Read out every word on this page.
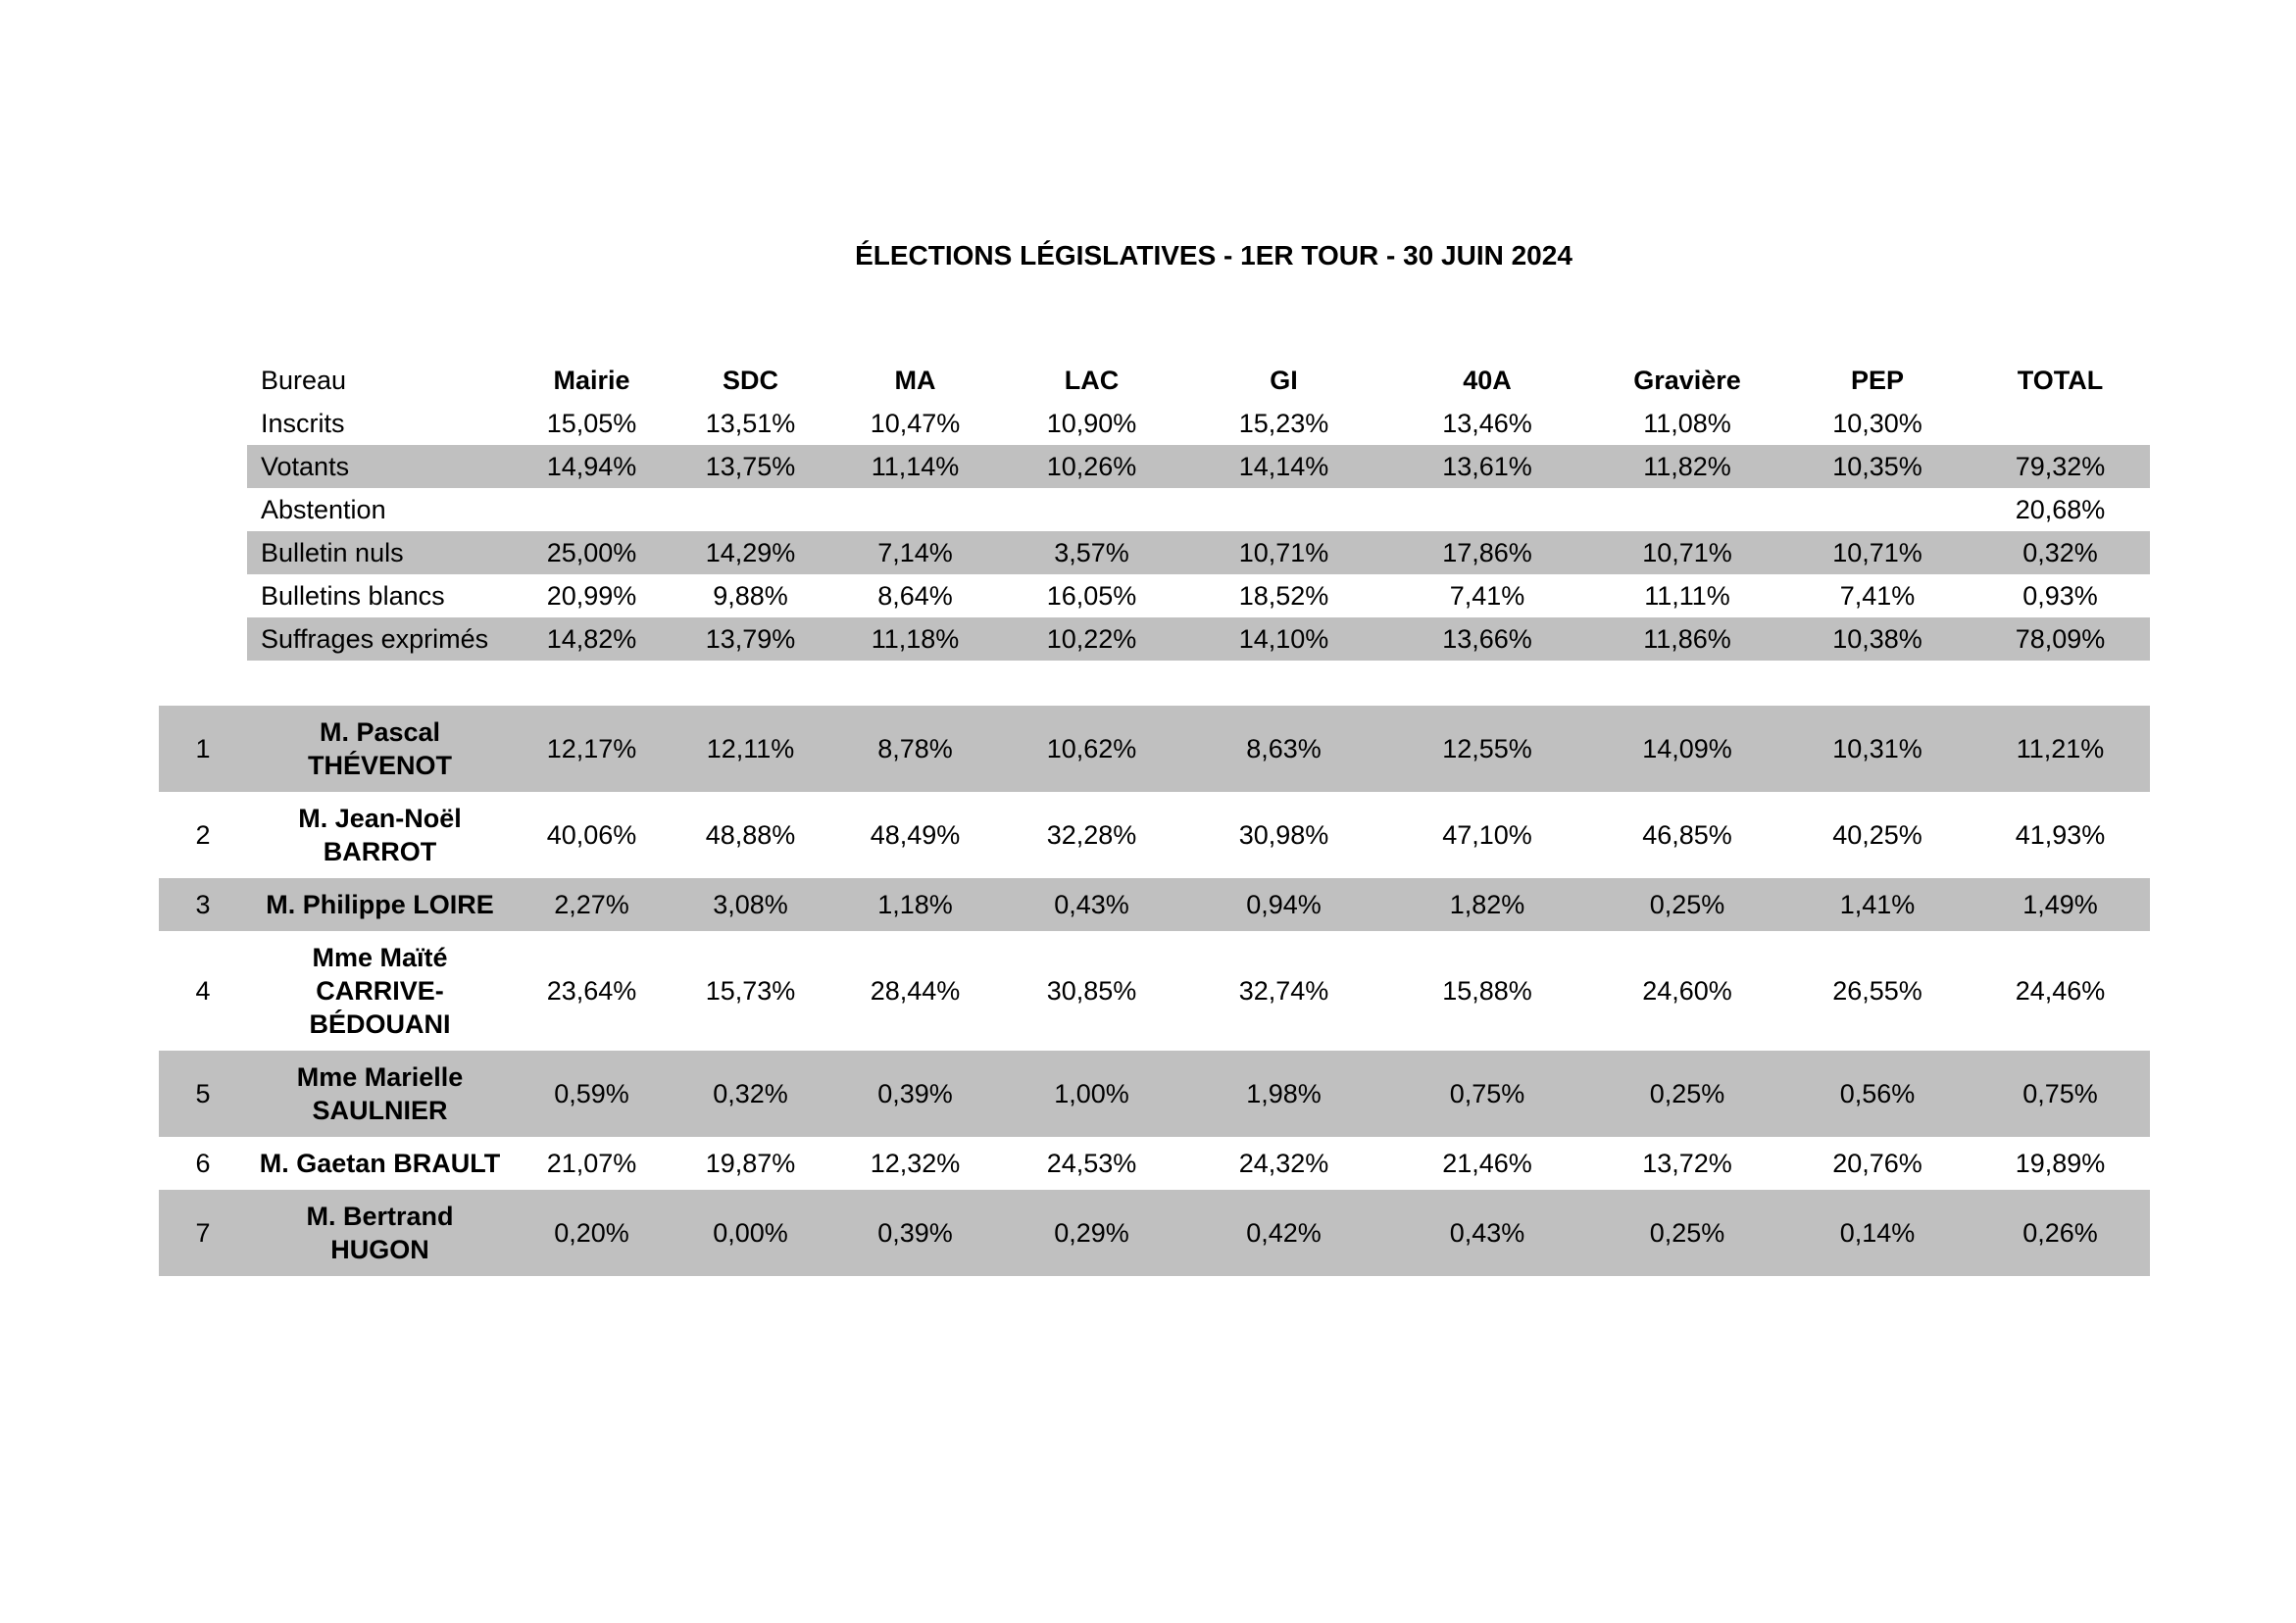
ÉLECTIONS LÉGISLATIVES - 1ER TOUR - 30 JUIN 2024
	Bureau	Mairie	SDC	MA	LAC	GI	40A	Gravière	PEP	TOTAL
	Inscrits	15,05%	13,51%	10,47%	10,90%	15,23%	13,46%	11,08%	10,30%	
	Votants	14,94%	13,75%	11,14%	10,26%	14,14%	13,61%	11,82%	10,35%	79,32%
	Abstention									20,68%
	Bulletin nuls	25,00%	14,29%	7,14%	3,57%	10,71%	17,86%	10,71%	10,71%	0,32%
	Bulletins blancs	20,99%	9,88%	8,64%	16,05%	18,52%	7,41%	11,11%	7,41%	0,93%
	Suffrages exprimés	14,82%	13,79%	11,18%	10,22%	14,10%	13,66%	11,86%	10,38%	78,09%

1	M. Pascal THÉVENOT	12,17%	12,11%	8,78%	10,62%	8,63%	12,55%	14,09%	10,31%	11,21%
2	M. Jean-Noël BARROT	40,06%	48,88%	48,49%	32,28%	30,98%	47,10%	46,85%	40,25%	41,93%
3	M. Philippe LOIRE	2,27%	3,08%	1,18%	0,43%	0,94%	1,82%	0,25%	1,41%	1,49%
4	Mme Maïté CARRIVE-BÉDOUANI	23,64%	15,73%	28,44%	30,85%	32,74%	15,88%	24,60%	26,55%	24,46%
5	Mme Marielle SAULNIER	0,59%	0,32%	0,39%	1,00%	1,98%	0,75%	0,25%	0,56%	0,75%
6	M. Gaetan BRAULT	21,07%	19,87%	12,32%	24,53%	24,32%	21,46%	13,72%	20,76%	19,89%
7	M. Bertrand HUGON	0,20%	0,00%	0,39%	0,29%	0,42%	0,43%	0,25%	0,14%	0,26%
